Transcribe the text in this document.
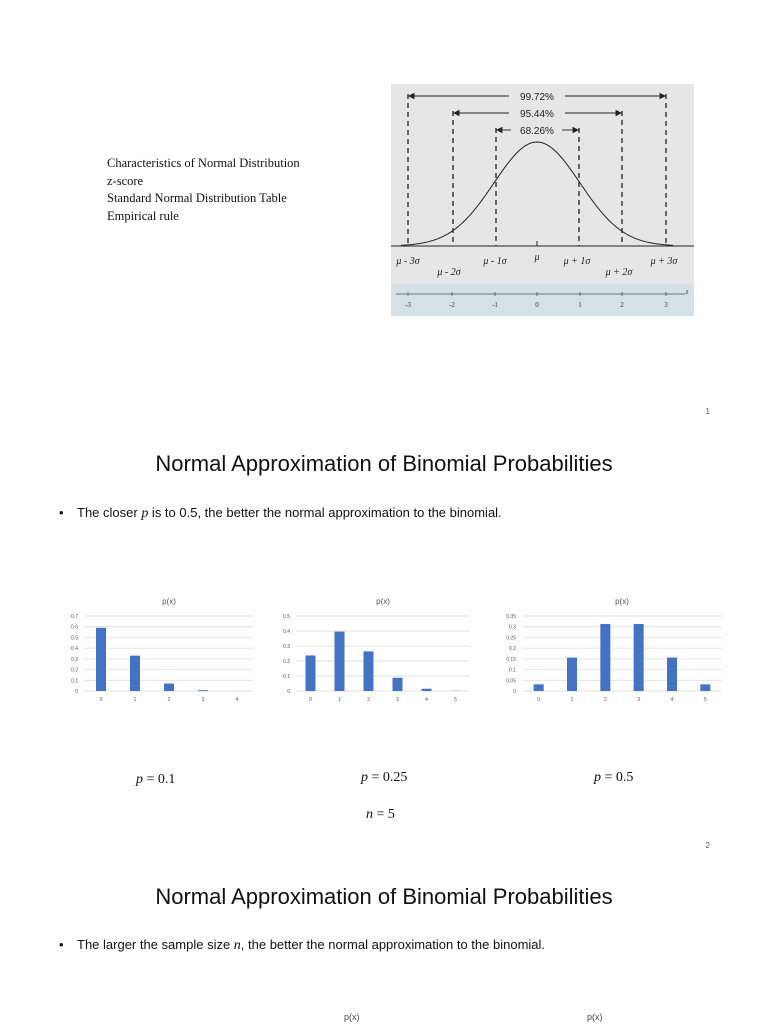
Characteristics of Normal Distribution
z-score
Standard Normal Distribution Table
Empirical rule
99.72%
95.44%
68.26%
μ - 3σ
μ - 2σ
μ - 1σ	μ μ + 1σ
μ + 2σ
μ + 3σ
-3	-2	-1	0	1	2	3
z
1
Normal Approximation of Binomial Probabilities
• The closer p is to 0.5, the better the normal approximation to the binomial.
p(x)
0
0.1
0.2
0.3
0.4
0.5
0.6
0.7
0	1	2	3	4
p(x)
0
0.1
0.2
0.3
0.4
0.5
0	1	2	3	4	5
p(x)
0
0.05
0.1
0.15
0.2
0.25
0.3
0.35
0	1	2	3	4	5
p = 0.1	p = 0.25	p = 0.5
n = 5
2
Normal Approximation of Binomial Probabilities
• The larger the sample size n, the better the normal approximation to the binomial.
p(x)	p(x)
